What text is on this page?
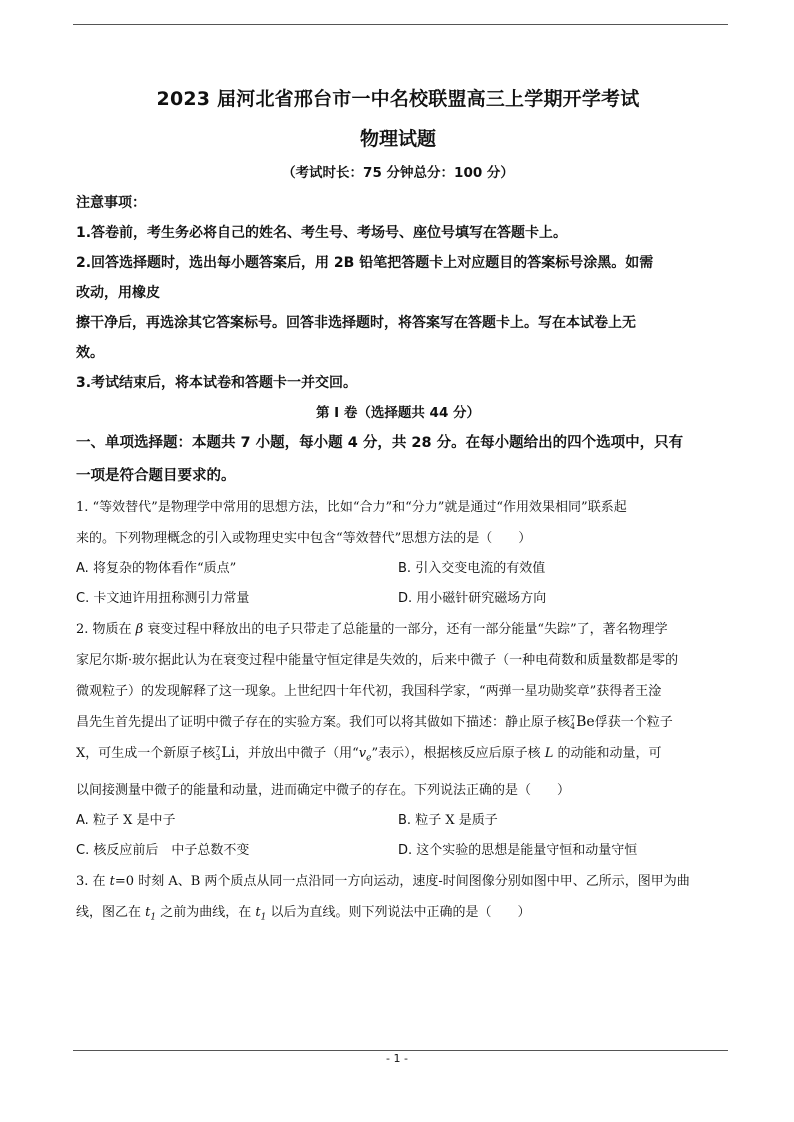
2023 届河北省邢台市一中名校联盟高三上学期开学考试

物理试题

（考试时长：75 分钟总分：100 分）

注意事项：

1.答卷前，考生务必将自己的姓名、考生号、考场号、座位号填写在答题卡上。

2.回答选择题时，选出每小题答案后，用 2B 铅笔把答题卡上对应题目的答案标号涂黑。如需

改动，用橡皮

擦干净后，再选涂其它答案标号。回答非选择题时，将答案写在答题卡上。写在本试卷上无

效。

3.考试结束后，将本试卷和答题卡一并交回。

第 I 卷（选择题共 44 分）

一、单项选择题：本题共 7 小题，每小题 4 分，共 28 分。在每小题给出的四个选项中，只有

一项是符合题目要求的。

1. “等效替代”是物理学中常用的思想方法，比如“合力”和“分力”就是通过“作用效果相同”联系起

来的。下列物理概念的引入或物理史实中包含“等效替代”思想方法的是（　　）

A. 将复杂的物体看作“质点”	B. 引入交变电流的有效值
C. 卡文迪许用扭称测引力常量	D. 用小磁针研究磁场方向

2. 物质在 β 衰变过程中释放出的电子只带走了总能量的一部分，还有一部分能量“失踪”了，著名物理学

家尼尔斯·玻尔据此认为在衰变过程中能量守恒定律是失效的，后来中微子（一种电荷数和质量数都是零的

微观粒子）的发现解释了这一现象。上世纪四十年代初，我国科学家，“两弹一星功勋奖章”获得者王淦

昌先生首先提出了证明中微子存在的实验方案。我们可以将其做如下描述：静止原子核 7
4 Be俘获一个粒子

X，可生成一个新原子核 7
3 Li，并放出中微子（用“$v_e$”表示），根据核反应后原子核 L 的动能和动量，可

以间接测量中微子的能量和动量，进而确定中微子的存在。下列说法正确的是（　　）

A. 粒子 X 是中子	B. 粒子 X 是质子
C. 核反应前后　中子总数不变	D. 这个实验的思想是能量守恒和动量守恒

3. 在 t=0 时刻 A、B 两个质点从同一点沿同一方向运动，速度-时间图像分别如图中甲、乙所示，图甲为曲

线，图乙在 $t_1$ 之前为曲线，在 $t_1$ 以后为直线。则下列说法中正确的是（　　）

- 1 -
